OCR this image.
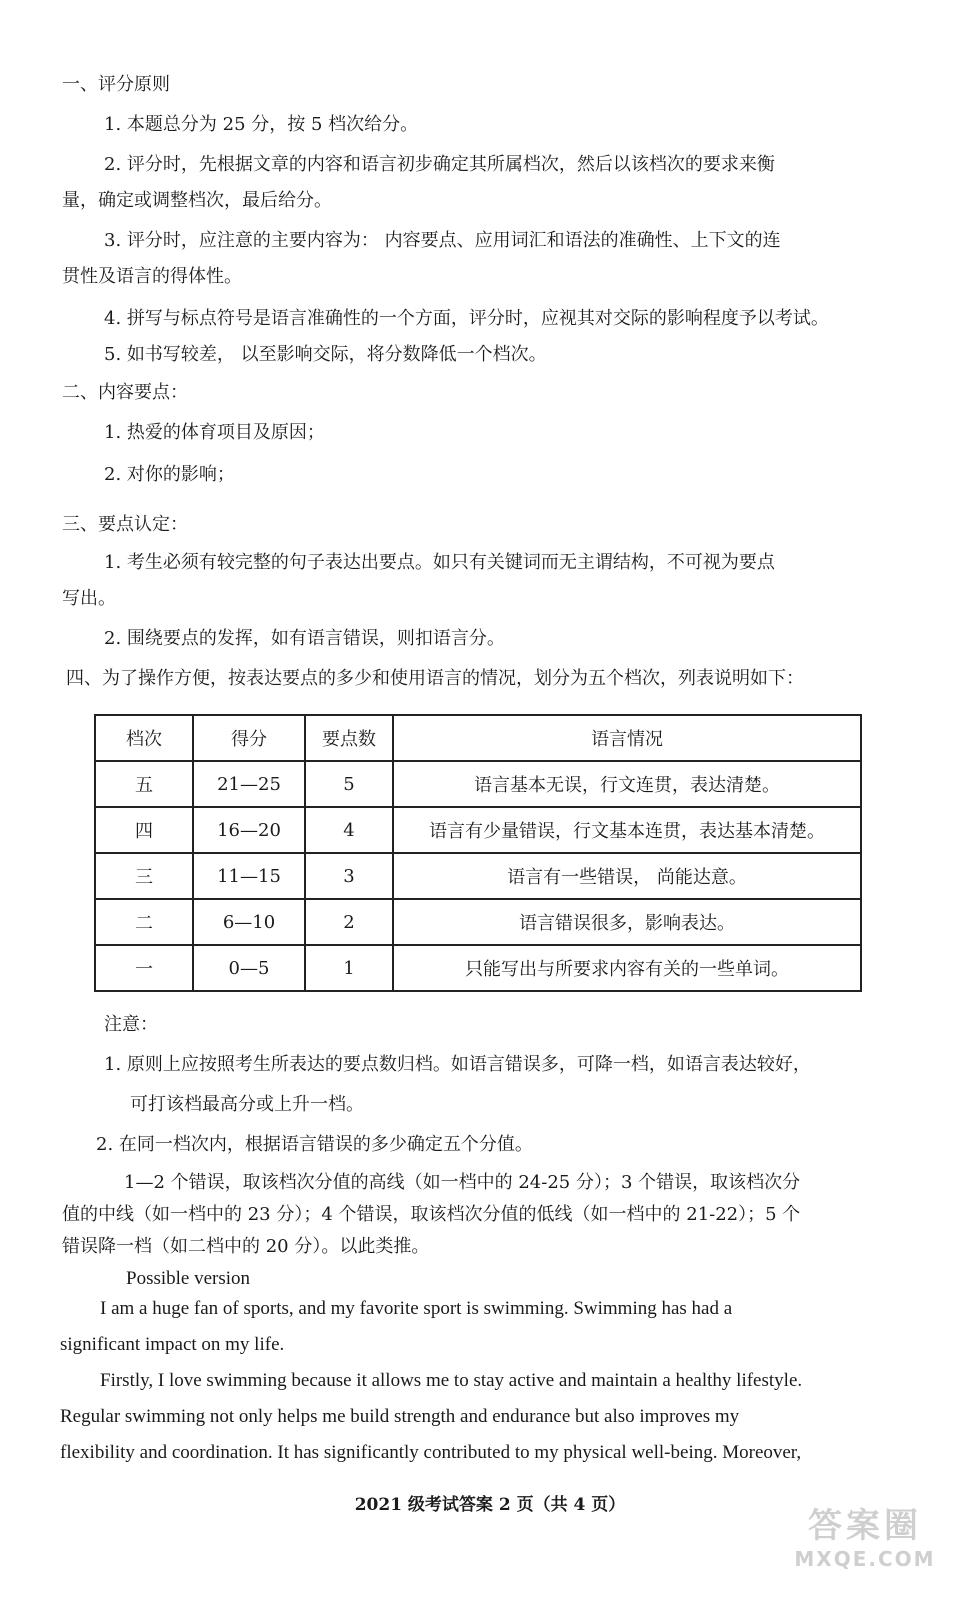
一、评分原则
1. 本题总分为 25 分，按 5 档次给分。
2. 评分时，先根据文章的内容和语言初步确定其所属档次，然后以该档次的要求来衡
量，确定或调整档次，最后给分。
3. 评分时，应注意的主要内容为： 内容要点、应用词汇和语法的准确性、上下文的连
贯性及语言的得体性。
4. 拼写与标点符号是语言准确性的一个方面，评分时，应视其对交际的影响程度予以考试。
5. 如书写较差， 以至影响交际，将分数降低一个档次。
二、内容要点：
1. 热爱的体育项目及原因；
2. 对你的影响；
三、要点认定：
1. 考生必须有较完整的句子表达出要点。如只有关键词而无主谓结构，不可视为要点
写出。
2. 围绕要点的发挥，如有语言错误，则扣语言分。
四、为了操作方便，按表达要点的多少和使用语言的情况，划分为五个档次，列表说明如下：
档次	得分	要点数	语言情况
五	21—25	5	语言基本无误，行文连贯，表达清楚。
四	16—20	4	语言有少量错误，行文基本连贯，表达基本清楚。
三	11—15	3	语言有一些错误， 尚能达意。
二	6—10	2	语言错误很多，影响表达。
一	0—5	1	只能写出与所要求内容有关的一些单词。
注意：
1. 原则上应按照考生所表达的要点数归档。如语言错误多，可降一档，如语言表达较好，
可打该档最高分或上升一档。
2. 在同一档次内，根据语言错误的多少确定五个分值。
1—2 个错误，取该档次分值的高线（如一档中的 24-25 分）；3 个错误，取该档次分
值的中线（如一档中的 23 分）；4 个错误，取该档次分值的低线（如一档中的 21-22）；5 个
错误降一档（如二档中的 20 分）。以此类推。
Possible version
I am a huge fan of sports, and my favorite sport is swimming. Swimming has had a
significant impact on my life.
Firstly, I love swimming because it allows me to stay active and maintain a healthy lifestyle.
Regular swimming not only helps me build strength and endurance but also improves my
flexibility and coordination. It has significantly contributed to my physical well-being. Moreover,
2021 级考试答案 2 页（共 4 页）
答案圈
MXQE.COM
